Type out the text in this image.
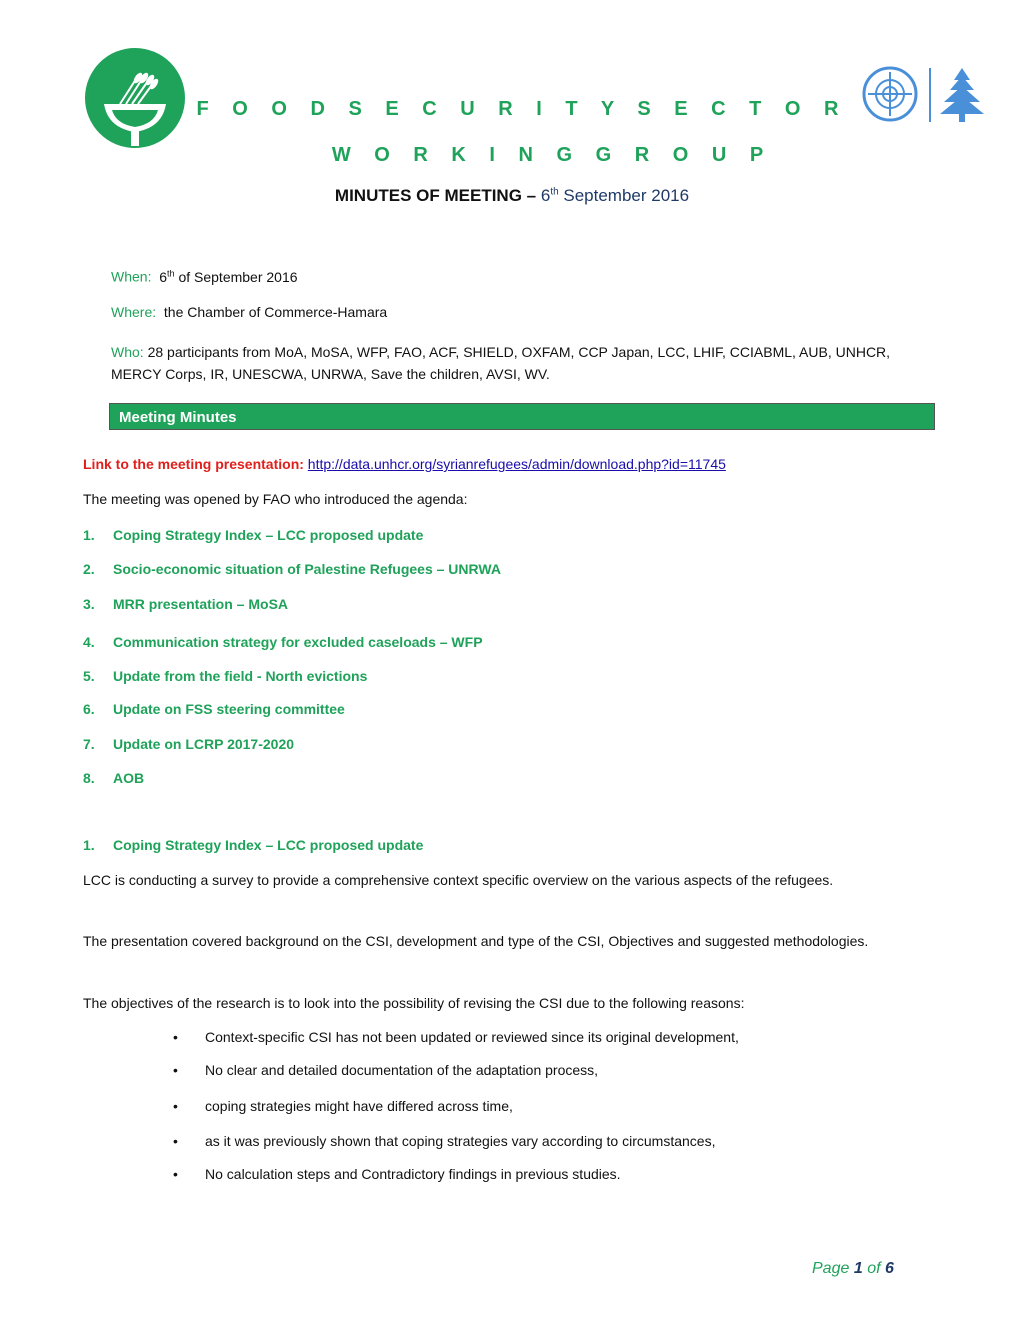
F O O D S E C U R I T Y S E C T O R
W O R K I N G G R O U P
MINUTES OF MEETING – 6th September 2016
When: 6th of September 2016
Where: the Chamber of Commerce-Hamara
Who: 28 participants from MoA, MoSA, WFP, FAO, ACF, SHIELD, OXFAM, CCP Japan, LCC, LHIF, CCIABML, AUB, UNHCR, MERCY Corps, IR, UNESCWA, UNRWA, Save the children, AVSI, WV.
Meeting Minutes
Link to the meeting presentation: http://data.unhcr.org/syrianrefugees/admin/download.php?id=11745
The meeting was opened by FAO who introduced the agenda:
1. Coping Strategy Index – LCC proposed update
2. Socio-economic situation of Palestine Refugees – UNRWA
3. MRR presentation – MoSA
4. Communication strategy for excluded caseloads – WFP
5. Update from the field - North evictions
6. Update on FSS steering committee
7. Update on LCRP 2017-2020
8. AOB
1. Coping Strategy Index – LCC proposed update
LCC is conducting a survey to provide a comprehensive context specific overview on the various aspects of the refugees.
The presentation covered background on the CSI, development and type of the CSI, Objectives and suggested methodologies.
The objectives of the research is to look into the possibility of revising the CSI due to the following reasons:
• Context-specific CSI has not been updated or reviewed since its original development,
• No clear and detailed documentation of the adaptation process,
• coping strategies might have differed across time,
• as it was previously shown that coping strategies vary according to circumstances,
• No calculation steps and Contradictory findings in previous studies.
Page 1 of 6
